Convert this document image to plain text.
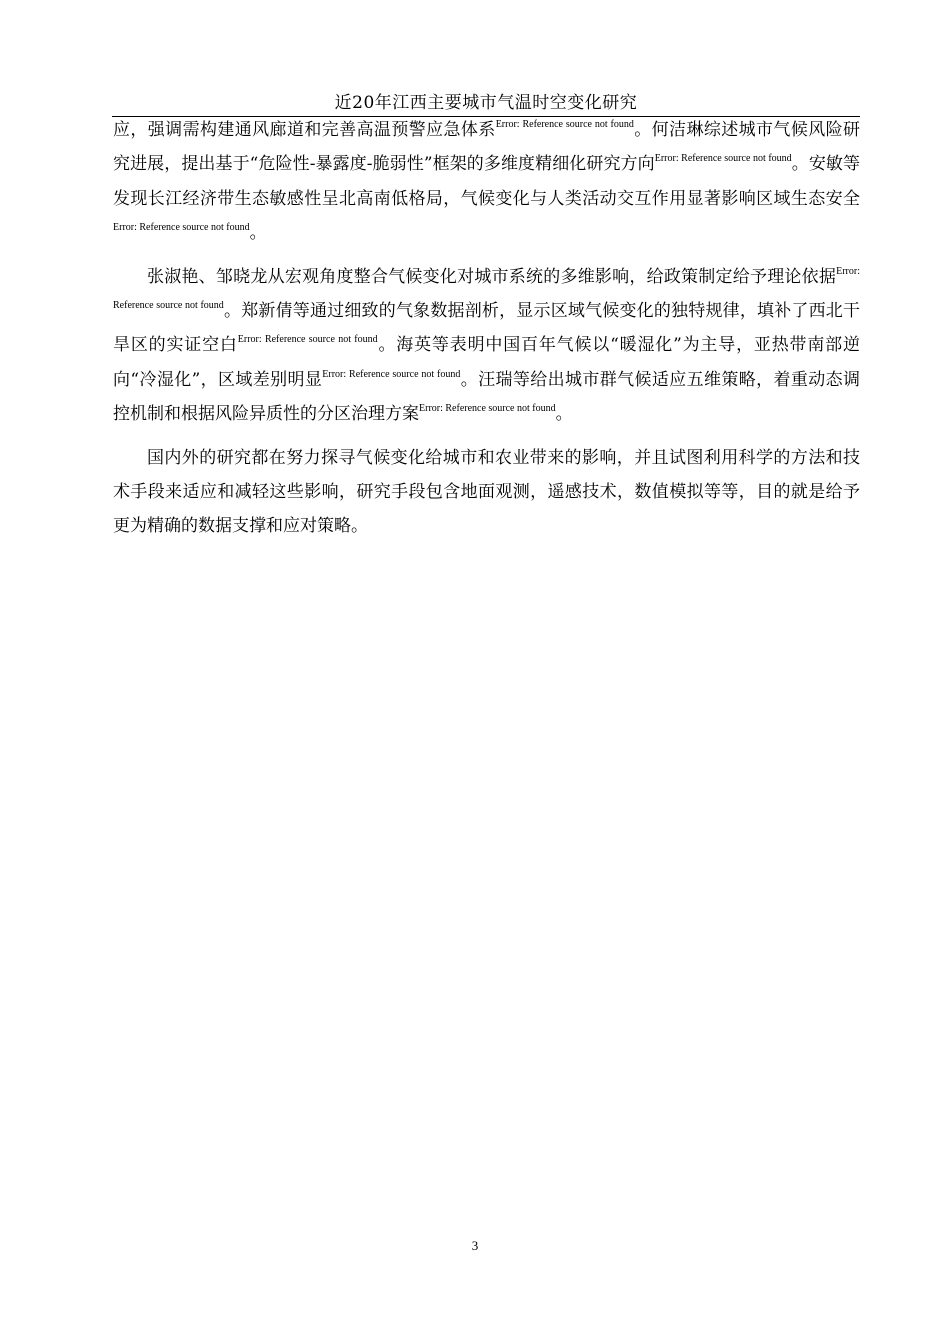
近20年江西主要城市气温时空变化研究

应，强调需构建通风廊道和完善高温预警应急体系$^{Error: Reference source not found}$。何洁琳综述城市气候风险研究进展，提出基于“危险性-暴露度-脆弱性”框架的多维度精细化研究方向$^{Error: Reference source not found}$。安敏等发现长江经济带生态敏感性呈北高南低格局，气候变化与人类活动交互作用显著影响区域生态安全$^{Error: Reference source not found}$。

张淑艳、邹晓龙从宏观角度整合气候变化对城市系统的多维影响，给政策制定给予理论依据$^{Error: Reference source not found}$。郑新倩等通过细致的气象数据剖析，显示区域气候变化的独特规律，填补了西北干旱区的实证空白$^{Error: Reference source not found}$。海英等表明中国百年气候以“暖湿化”为主导，亚热带南部逆向“冷湿化”，区域差别明显$^{Error: Reference source not found}$。汪瑞等给出城市群气候适应五维策略，着重动态调控机制和根据风险异质性的分区治理方案$^{Error: Reference source not found}$。

国内外的研究都在努力探寻气候变化给城市和农业带来的影响，并且试图利用科学的方法和技术手段来适应和减轻这些影响，研究手段包含地面观测，遥感技术，数值模拟等等，目的就是给予更为精确的数据支撑和应对策略。

3
